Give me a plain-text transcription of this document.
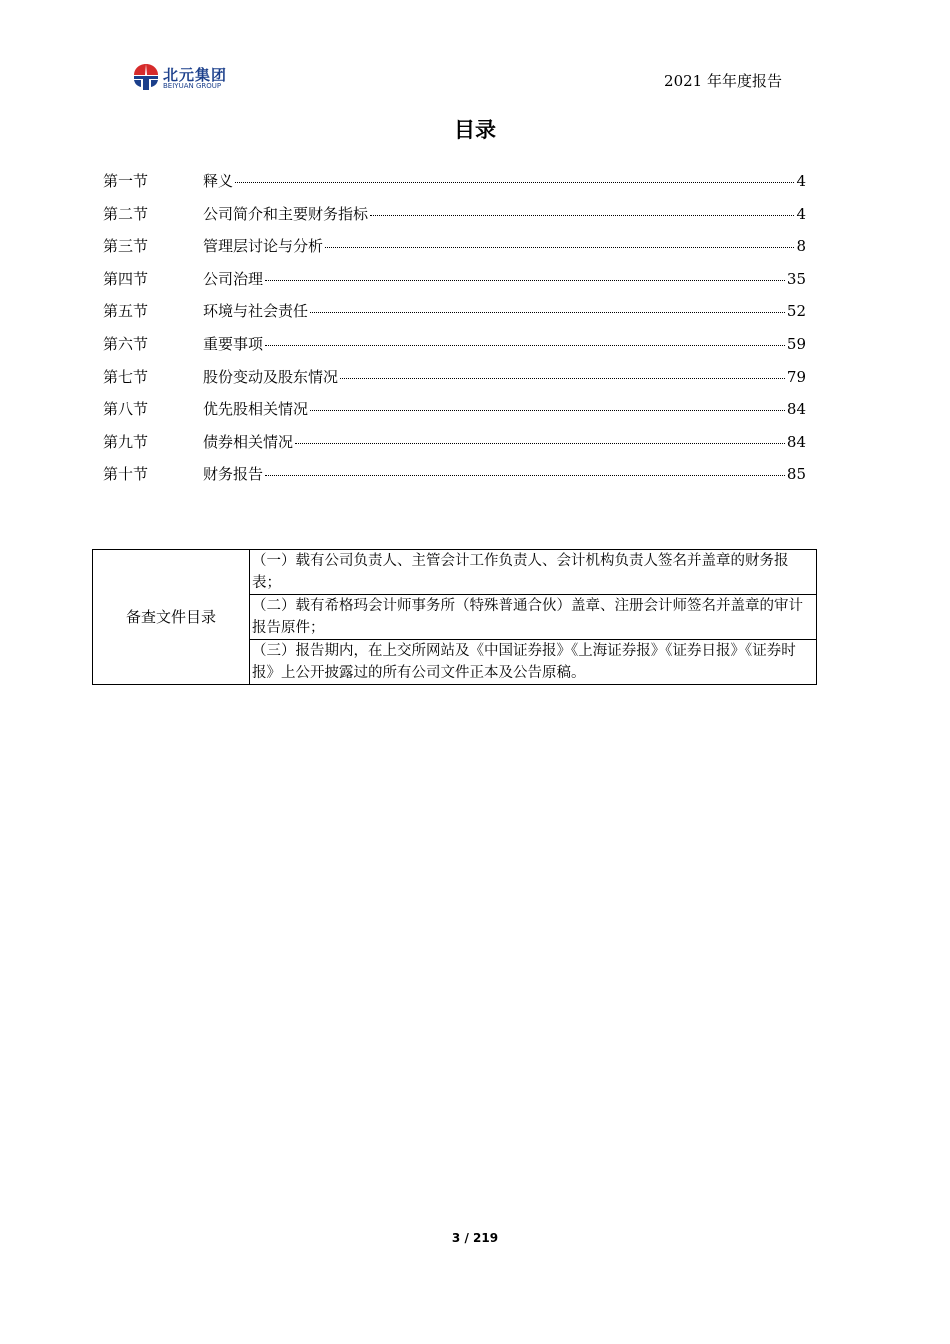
北元集团
BEIYUAN GROUP	2021 年年度报告
目录
第一节	释义	4
第二节	公司简介和主要财务指标	4
第三节	管理层讨论与分析	8
第四节	公司治理	35
第五节	环境与社会责任	52
第六节	重要事项	59
第七节	股份变动及股东情况	79
第八节	优先股相关情况	84
第九节	债券相关情况	84
第十节	财务报告	85
备查文件目录	（一）载有公司负责人、主管会计工作负责人、会计机构负责人签名并盖章的财务报表；
（二）载有希格玛会计师事务所（特殊普通合伙）盖章、注册会计师签名并盖章的审计报告原件；
（三）报告期内，在上交所网站及《中国证券报》《上海证券报》《证券日报》《证券时报》上公开披露过的所有公司文件正本及公告原稿。
3 / 219
